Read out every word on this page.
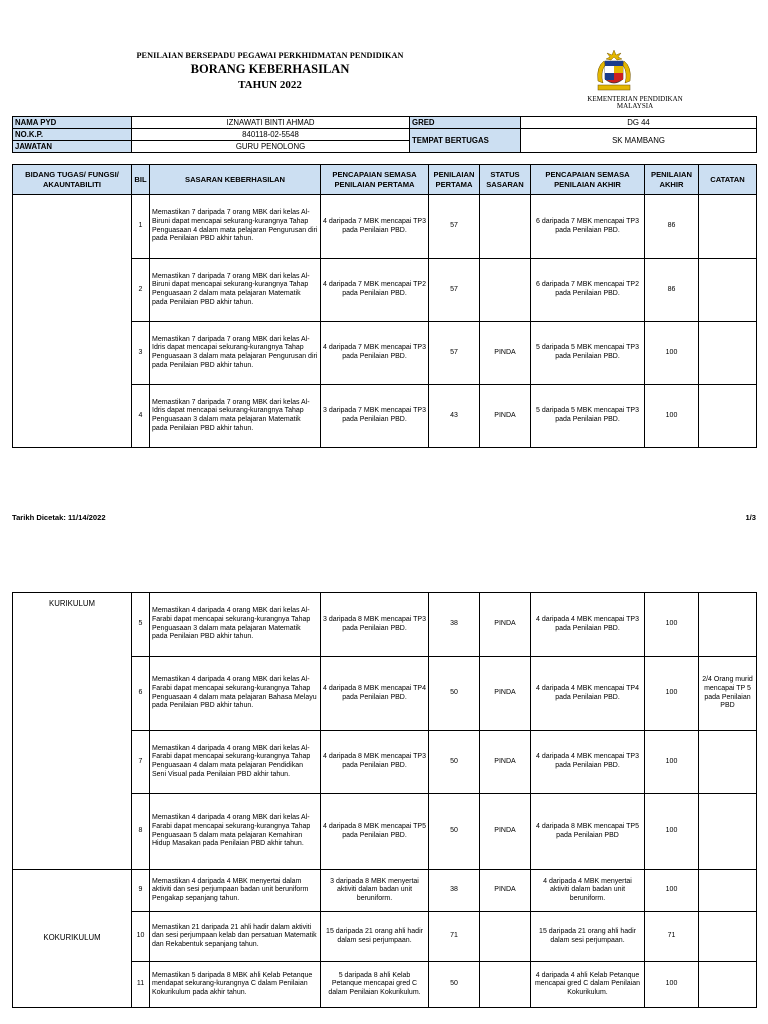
PENILAIAN BERSEPADU PEGAWAI PERKHIDMATAN PENDIDIKAN
BORANG KEBERHASILAN
TAHUN 2022
KEMENTERIAN PENDIDIKAN
MALAYSIA
NAMA PYD	IZNAWATI BINTI AHMAD	GRED	DG 44
NO.K.P.	840118-02-5548	TEMPAT BERTUGAS	SK MAMBANG
JAWATAN	GURU PENOLONG		
BIDANG TUGAS/ FUNGSI/ AKAUNTABILITI	BIL	SASARAN KEBERHASILAN	PENCAPAIAN SEMASA PENILAIAN PERTAMA	PENILAIAN PERTAMA	STATUS SASARAN	PENCAPAIAN SEMASA PENILAIAN AKHIR	PENILAIAN AKHIR	CATATAN
	1	Memastikan 7 daripada 7 orang MBK dari kelas Al-Biruni dapat mencapai sekurang-kurangnya Tahap Penguasaan 4 dalam mata pelajaran Pengurusan diri pada Penilaian PBD akhir tahun.	4 daripada 7 MBK mencapai TP3 pada Penilaian PBD.	57		6 daripada 7 MBK mencapai TP3 pada Penilaian PBD.	86	
	2	Memastikan 7 daripada 7 orang MBK dari kelas Al-Biruni dapat mencapai sekurang-kurangnya Tahap Penguasaan 2 dalam mata pelajaran Matematik pada Penilaian PBD akhir tahun.	4 daripada 7 MBK mencapai TP2 pada Penilaian PBD.	57		6 daripada 7 MBK mencapai TP2 pada Penilaian PBD.	86	
	3	Memastikan 7 daripada 7 orang MBK dari kelas Al-Idris dapat mencapai sekurang-kurangnya Tahap Penguasaan 3 dalam mata pelajaran Pengurusan diri pada Penilaian PBD akhir tahun.	4 daripada 7 MBK mencapai TP3 pada Penilaian PBD.	57	PINDA	5 daripada 5 MBK mencapai TP3 pada Penilaian PBD.	100	
	4	Memastikan 7 daripada 7 orang MBK dari kelas Al-Idris dapat mencapai sekurang-kurangnya Tahap Penguasaan 3 dalam mata pelajaran Matematik pada Penilaian PBD akhir tahun.	3 daripada 7 MBK mencapai TP3 pada Penilaian PBD.	43	PINDA	5 daripada 5 MBK mencapai TP3 pada Penilaian PBD.	100	
Tarikh Dicetak: 11/14/2022	1/3
KURIKULUM	5	Memastikan 4 daripada 4 orang MBK dari kelas Al-Farabi dapat mencapai sekurang-kurangnya Tahap Penguasaan 3 dalam mata pelajaran Matematik pada Penilaian PBD akhir tahun.	3 daripada 8 MBK mencapai TP3 pada Penilaian PBD.	38	PINDA	4 daripada 4 MBK mencapai TP3 pada Penilaian PBD.	100	
	6	Memastikan 4 daripada 4 orang MBK dari kelas Al-Farabi dapat mencapai sekurang-kurangnya Tahap Penguasaan 4 dalam mata pelajaran Bahasa Melayu pada Penilaian PBD akhir tahun.	4 daripada 8 MBK mencapai TP4 pada Penilaian PBD.	50	PINDA	4 daripada 4 MBK mencapai TP4 pada Penilaian PBD.	100	2/4 Orang murid mencapai TP 5 pada Penilaian PBD
	7	Memastikan 4 daripada 4 orang MBK dari kelas Al-Farabi dapat mencapai sekurang-kurangnya Tahap Penguasaan 4 dalam mata pelajaran Pendidikan Seni Visual pada Penilaian PBD akhir tahun.	4 daripada 8 MBK mencapai TP3 pada Penilaian PBD.	50	PINDA	4 daripada 4 MBK mencapai TP3 pada Penilaian PBD.	100	
	8	Memastikan 4 daripada 4 orang MBK dari kelas Al-Farabi dapat mencapai sekurang-kurangnya Tahap Penguasaan 5 dalam mata pelajaran Kemahiran Hidup Masakan pada Penilaian PBD akhir tahun.	4 daripada 8 MBK mencapai TP5 pada Penilaian PBD.	50	PINDA	4 daripada 8 MBK mencapai TP5 pada Penilaian PBD	100	
KOKURIKULUM	9	Memastikan 4 daripada 4 MBK menyertai dalam aktiviti dan sesi perjumpaan badan unit beruniform Pengakap sepanjang tahun.	3 daripada 8 MBK menyertai aktiviti dalam badan unit beruniform.	38	PINDA	4 daripada 4 MBK menyertai aktiviti dalam badan unit beruniform.	100	
	10	Memastikan 21 daripada 21 ahli hadir dalam aktiviti dan sesi perjumpaan kelab dan persatuan Matematik dan Rekabentuk sepanjang tahun.	15 daripada 21 orang ahli hadir dalam sesi perjumpaan.	71		15 daripada 21 orang ahli hadir dalam sesi perjumpaan.	71	
	11	Memastikan 5 daripada 8 MBK ahli Kelab Petanque mendapat sekurang-kurangnya C dalam Penilaian Kokurikulum pada akhir tahun.	5 daripada 8 ahli Kelab Petanque mencapai gred C dalam Penilaian Kokurikulum.	50		4 daripada 4 ahli Kelab Petanque mencapai gred C dalam Penilaian Kokurikulum.	100	
